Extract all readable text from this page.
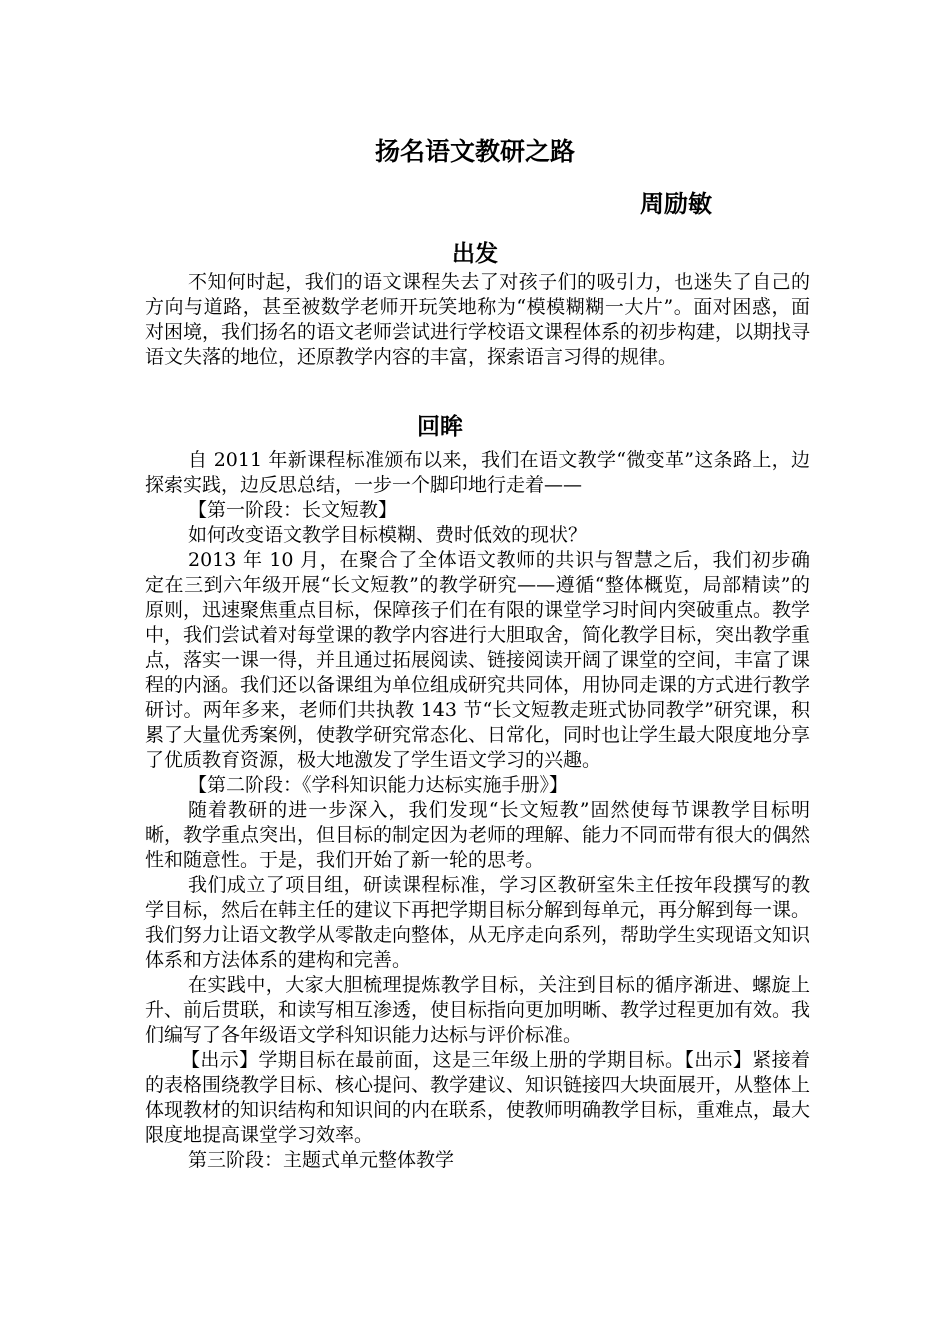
扬名语文教研之路
周励敏
出发

不知何时起，我们的语文课程失去了对孩子们的吸引力，也迷失了自己的方向与道路，甚至被数学老师开玩笑地称为“模模糊糊一大片”。面对困惑，面对困境，我们扬名的语文老师尝试进行学校语文课程体系的初步构建，以期找寻语文失落的地位，还原教学内容的丰富，探索语言习得的规律。

回眸

自 2011 年新课程标准颁布以来，我们在语文教学“微变革”这条路上，边探索实践，边反思总结，一步一个脚印地行走着——

【第一阶段：长文短教】

如何改变语文教学目标模糊、费时低效的现状？

2013 年 10 月，在聚合了全体语文教师的共识与智慧之后，我们初步确定在三到六年级开展“长文短教”的教学研究——遵循“整体概览，局部精读”的原则，迅速聚焦重点目标，保障孩子们在有限的课堂学习时间内突破重点。教学中，我们尝试着对每堂课的教学内容进行大胆取舍，简化教学目标，突出教学重点，落实一课一得，并且通过拓展阅读、链接阅读开阔了课堂的空间，丰富了课程的内涵。我们还以备课组为单位组成研究共同体，用协同走课的方式进行教学研讨。两年多来，老师们共执教 143 节“长文短教走班式协同教学”研究课，积累了大量优秀案例，使教学研究常态化、日常化，同时也让学生最大限度地分享了优质教育资源，极大地激发了学生语文学习的兴趣。

【第二阶段：《学科知识能力达标实施手册》】

随着教研的进一步深入，我们发现“长文短教”固然使每节课教学目标明晰，教学重点突出，但目标的制定因为老师的理解、能力不同而带有很大的偶然性和随意性。于是，我们开始了新一轮的思考。

我们成立了项目组，研读课程标准，学习区教研室朱主任按年段撰写的教学目标，然后在韩主任的建议下再把学期目标分解到每单元，再分解到每一课。我们努力让语文教学从零散走向整体，从无序走向系列，帮助学生实现语文知识体系和方法体系的建构和完善。

在实践中，大家大胆梳理提炼教学目标，关注到目标的循序渐进、螺旋上升、前后贯联，和读写相互渗透，使目标指向更加明晰、教学过程更加有效。我们编写了各年级语文学科知识能力达标与评价标准。

【出示】学期目标在最前面，这是三年级上册的学期目标。【出示】紧接着的表格围绕教学目标、核心提问、教学建议、知识链接四大块面展开，从整体上体现教材的知识结构和知识间的内在联系，使教师明确教学目标，重难点，最大限度地提高课堂学习效率。

第三阶段：主题式单元整体教学
